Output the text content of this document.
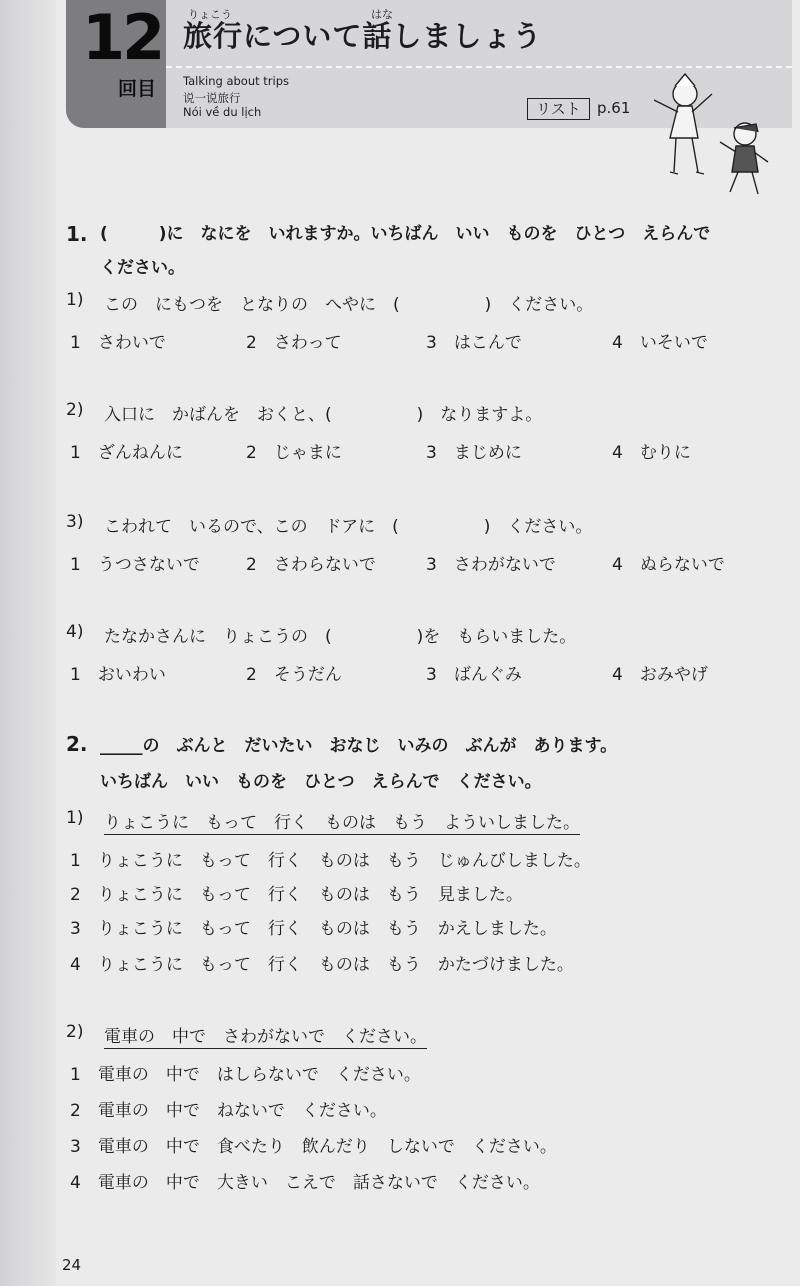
12
回目
りょこう	はな
旅行について話しましょう
Talking about trips
说一说旅行
Nói về du lịch	リスト	p.61
1. (　　　)に　なにを　いれますか。いちばん　いい　ものを　ひとつ　えらんで
ください。
1) この　にもつを　となりの　へやに　(　　　　　)　ください。
1　さわいで	2　さわって	3　はこんで	4　いそいで
2) 入口に　かばんを　おくと、(　　　　　)　なりますよ。
1　ざんねんに	2　じゃまに	3　まじめに	4　むりに
3) こわれて　いるので、この　ドアに　(　　　　　)　ください。
1　うつさないで	2　さわらないで	3　さわがないで	4　ぬらないで
4) たなかさんに　りょこうの　(　　　　　)を　もらいました。
1　おいわい	2　そうだん	3　ばんぐみ	4　おみやげ
2. _____の　ぶんと　だいたい　おなじ　いみの　ぶんが　あります。
いちばん　いい　ものを　ひとつ　えらんで　ください。
1) りょこうに　もって　行く　ものは　もう　よういしました。
1　りょこうに　もって　行く　ものは　もう　じゅんびしました。
2　りょこうに　もって　行く　ものは　もう　見ました。
3　りょこうに　もって　行く　ものは　もう　かえしました。
4　りょこうに　もって　行く　ものは　もう　かたづけました。
2) 電車の　中で　さわがないで　ください。
1　電車の　中で　はしらないで　ください。
2　電車の　中で　ねないで　ください。
3　電車の　中で　食べたり　飲んだり　しないで　ください。
4　電車の　中で　大きい　こえで　話さないで　ください。
24
